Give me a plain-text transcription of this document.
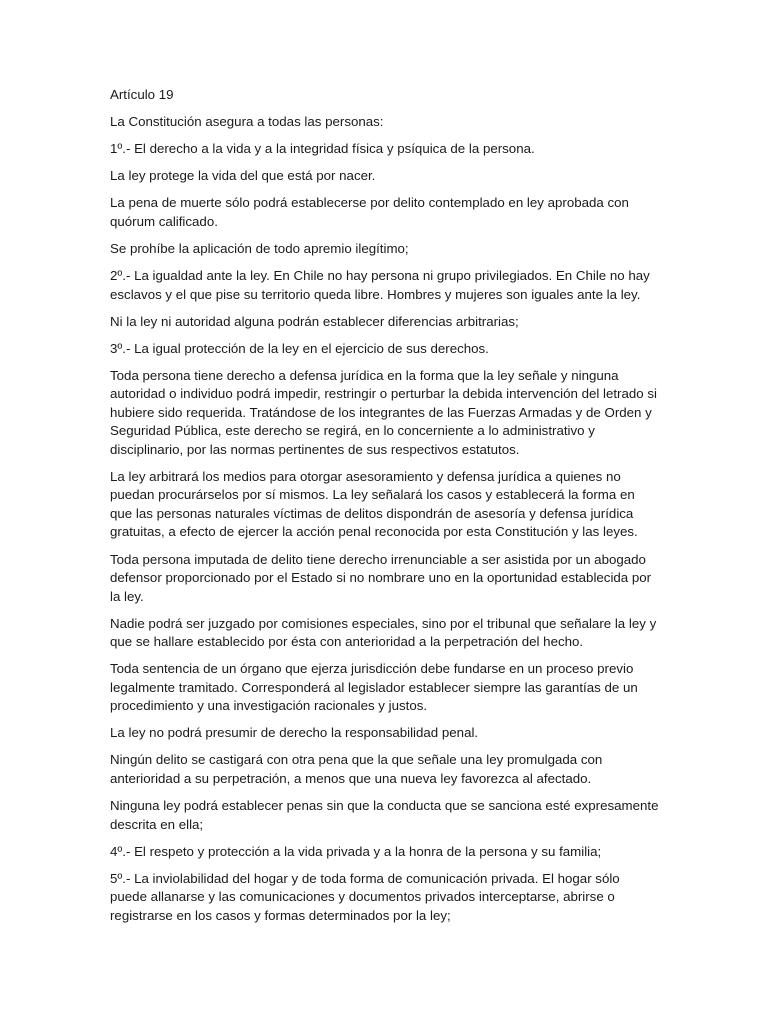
Artículo 19

La Constitución asegura a todas las personas:

1º.- El derecho a la vida y a la integridad física y psíquica de la persona.

La ley protege la vida del que está por nacer.

La pena de muerte sólo podrá establecerse por delito contemplado en ley aprobada con quórum calificado.

Se prohíbe la aplicación de todo apremio ilegítimo;

2º.- La igualdad ante la ley. En Chile no hay persona ni grupo privilegiados. En Chile no hay esclavos y el que pise su territorio queda libre. Hombres y mujeres son iguales ante la ley.

Ni la ley ni autoridad alguna podrán establecer diferencias arbitrarias;

3º.- La igual protección de la ley en el ejercicio de sus derechos.

Toda persona tiene derecho a defensa jurídica en la forma que la ley señale y ninguna autoridad o individuo podrá impedir, restringir o perturbar la debida intervención del letrado si hubiere sido requerida. Tratándose de los integrantes de las Fuerzas Armadas y de Orden y Seguridad Pública, este derecho se regirá, en lo concerniente a lo administrativo y disciplinario, por las normas pertinentes de sus respectivos estatutos.

La ley arbitrará los medios para otorgar asesoramiento y defensa jurídica a quienes no puedan procurárselos por sí mismos. La ley señalará los casos y establecerá la forma en que las personas naturales víctimas de delitos dispondrán de asesoría y defensa jurídica gratuitas, a efecto de ejercer la acción penal reconocida por esta Constitución y las leyes.

Toda persona imputada de delito tiene derecho irrenunciable a ser asistida por un abogado defensor proporcionado por el Estado si no nombrare uno en la oportunidad establecida por la ley.

Nadie podrá ser juzgado por comisiones especiales, sino por el tribunal que señalare la ley y que se hallare establecido por ésta con anterioridad a la perpetración del hecho.

Toda sentencia de un órgano que ejerza jurisdicción debe fundarse en un proceso previo legalmente tramitado. Corresponderá al legislador establecer siempre las garantías de un procedimiento y una investigación racionales y justos.

La ley no podrá presumir de derecho la responsabilidad penal.

Ningún delito se castigará con otra pena que la que señale una ley promulgada con anterioridad a su perpetración, a menos que una nueva ley favorezca al afectado.

Ninguna ley podrá establecer penas sin que la conducta que se sanciona esté expresamente descrita en ella;

4º.- El respeto y protección a la vida privada y a la honra de la persona y su familia;

5º.- La inviolabilidad del hogar y de toda forma de comunicación privada. El hogar sólo puede allanarse y las comunicaciones y documentos privados interceptarse, abrirse o registrarse en los casos y formas determinados por la ley;
